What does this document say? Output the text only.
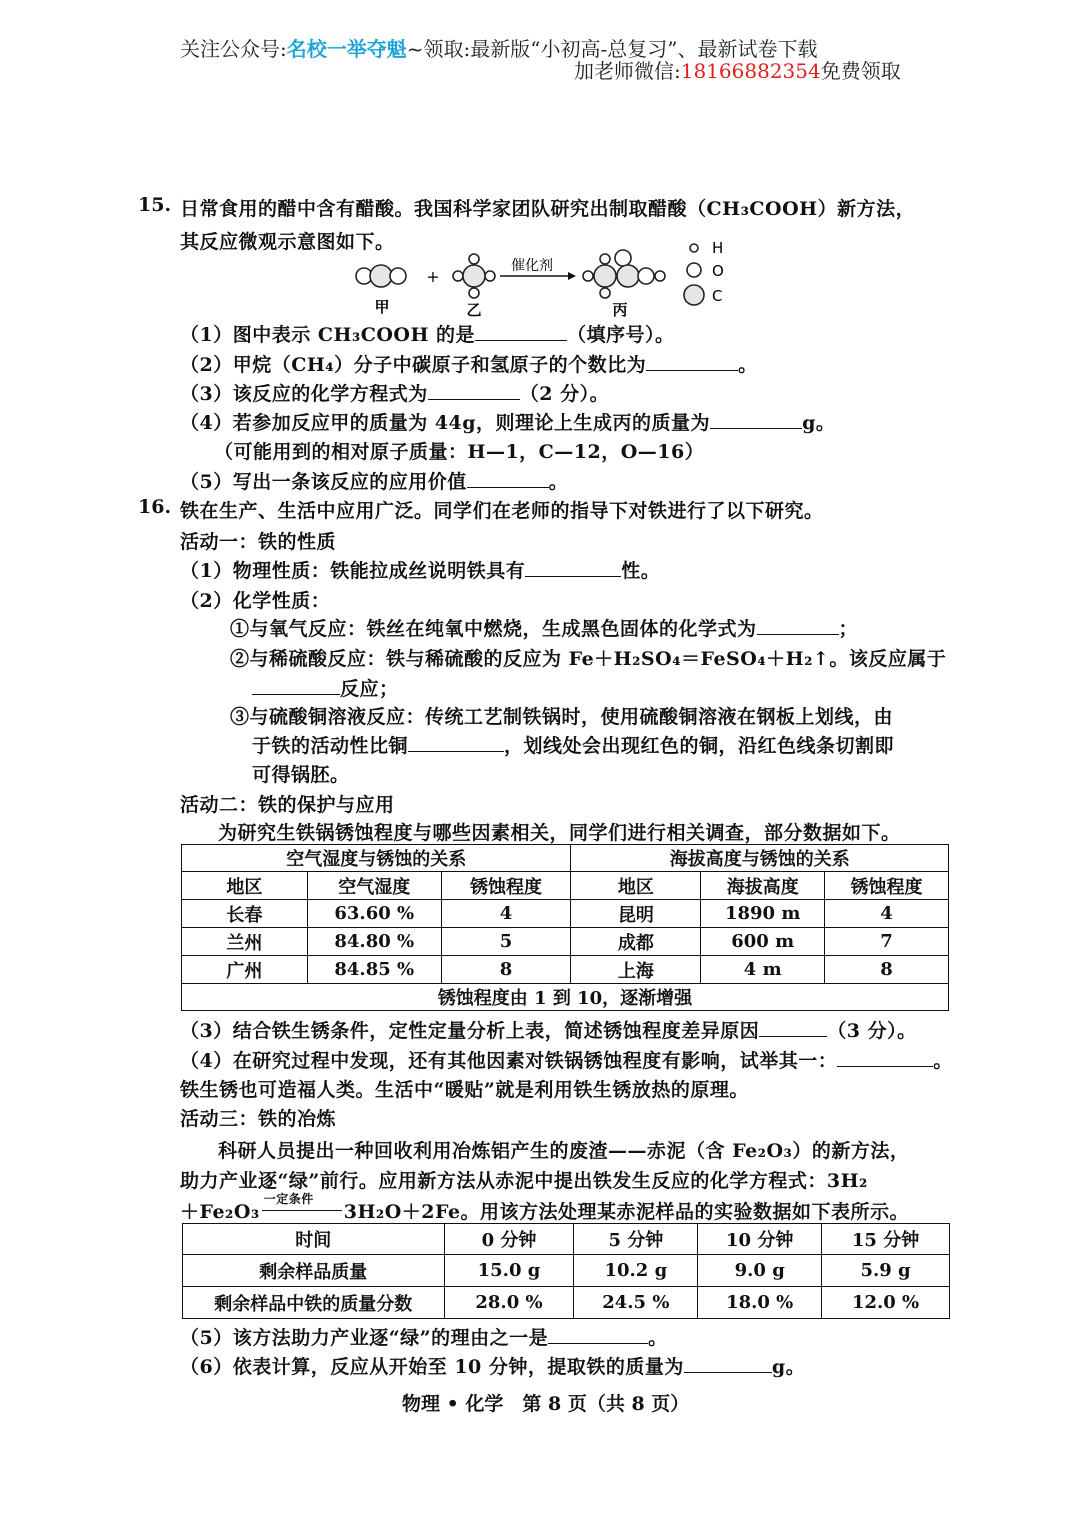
关注公众号:名校一举夺魁~领取:最新版“小初高-总复习”、最新试卷下载
加老师微信:18166882354免费领取
15. 日常食用的醋中含有醋酸。我国科学家团队研究出制取醋酸（CH₃COOH）新方法，
其反应微观示意图如下。
甲
+
乙
催化剂
丙
H
O
C
（1）图中表示 CH₃COOH 的是	（填序号）。
（2）甲烷（CH₄）分子中碳原子和氢原子的个数比为	。
（3）该反应的化学方程式为	（2 分）。
（4）若参加反应甲的质量为 44g，则理论上生成丙的质量为	g。
（可能用到的相对原子质量：H—1，C—12，O—16）
（5）写出一条该反应的应用价值	。
16. 铁在生产、生活中应用广泛。同学们在老师的指导下对铁进行了以下研究。
活动一：铁的性质
（1）物理性质：铁能拉成丝说明铁具有	性。
（2）化学性质：
①与氧气反应：铁丝在纯氧中燃烧，生成黑色固体的化学式为	；
②与稀硫酸反应：铁与稀硫酸的反应为 Fe＋H₂SO₄＝FeSO₄＋H₂↑。该反应属于
反应；
③与硫酸铜溶液反应：传统工艺制铁锅时，使用硫酸铜溶液在钢板上划线，由
于铁的活动性比铜	，划线处会出现红色的铜，沿红色线条切割即
可得锅胚。
活动二：铁的保护与应用
为研究生铁锅锈蚀程度与哪些因素相关，同学们进行相关调查，部分数据如下。
空气湿度与锈蚀的关系			海拔高度与锈蚀的关系		
地区	空气湿度	锈蚀程度	地区	海拔高度	锈蚀程度
长春	63.60 %	4	昆明	1890 m	4
兰州	84.80 %	5	成都	600 m	7
广州	84.85 %	8	上海	4 m	8
锈蚀程度由 1 到 10，逐渐增强					
（3）结合铁生锈条件，定性定量分析上表，简述锈蚀程度差异原因	（3 分）。
（4）在研究过程中发现，还有其他因素对铁锅锈蚀程度有影响，试举其一：	。
铁生锈也可造福人类。生活中“暖贴”就是利用铁生锈放热的原理。
活动三：铁的冶炼
科研人员提出一种回收利用冶炼铝产生的废渣——赤泥（含 Fe₂O₃）的新方法，
助力产业逐“绿”前行。应用新方法从赤泥中提出铁发生反应的化学方程式：3H₂
＋Fe₂O₃
一定条件
3H₂O＋2Fe。用该方法处理某赤泥样品的实验数据如下表所示。
时间	0 分钟	5 分钟	10 分钟	15 分钟
剩余样品质量	15.0 g	10.2 g	9.0 g	5.9 g
剩余样品中铁的质量分数	28.0 %	24.5 %	18.0 %	12.0 %
（5）该方法助力产业逐“绿”的理由之一是	。
（6）依表计算，反应从开始至 10 分钟，提取铁的质量为	g。
物理 • 化学　第 8 页（共 8 页）
